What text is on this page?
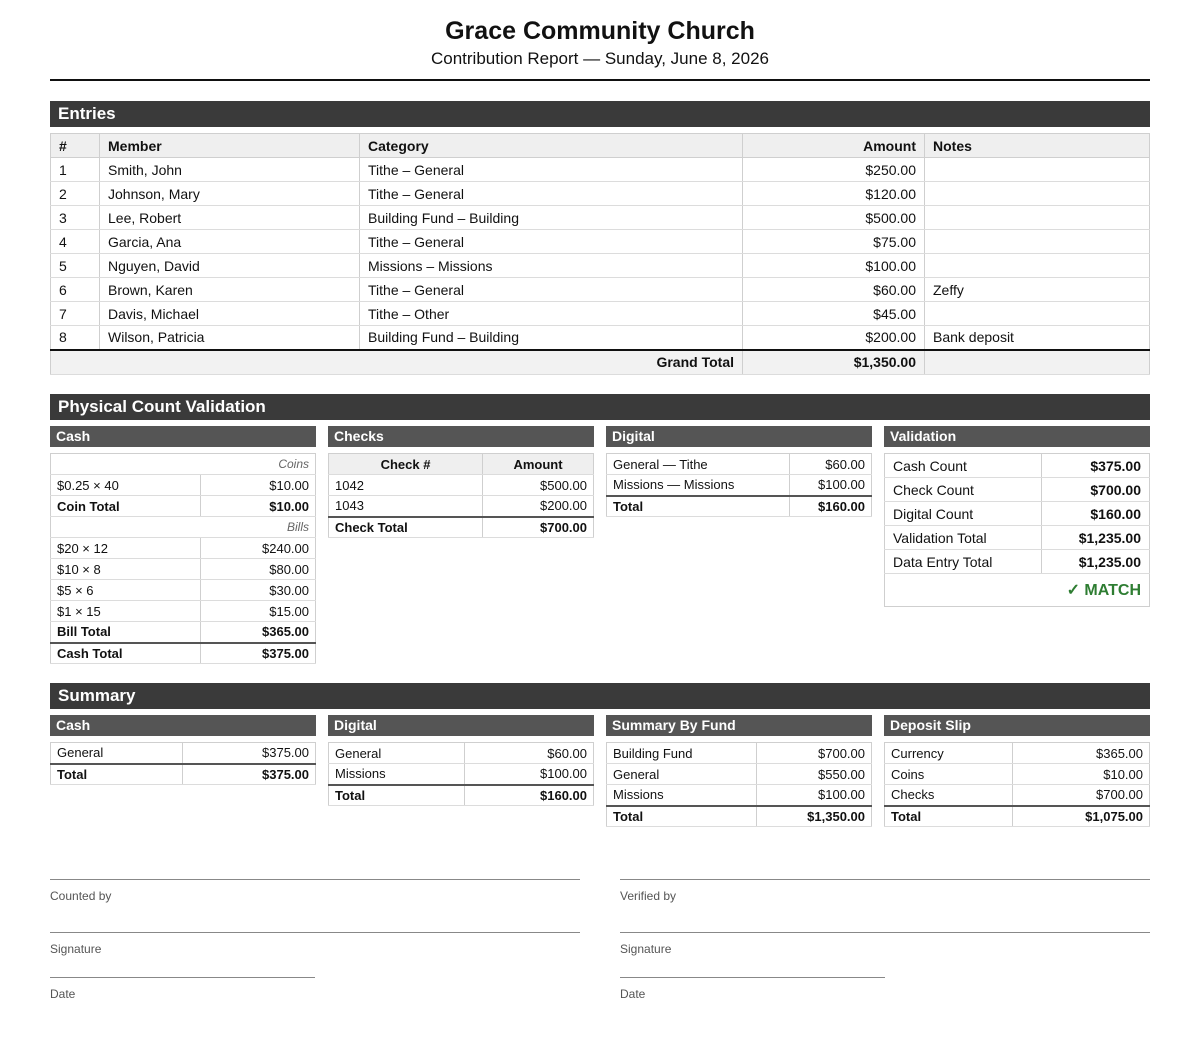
Grace Community Church
Contribution Report — Sunday, June 8, 2026
Entries
#	Member	Category	Amount	Notes
1	Smith, John	Tithe – General	$250.00	
2	Johnson, Mary	Tithe – General	$120.00	
3	Lee, Robert	Building Fund – Building	$500.00	
4	Garcia, Ana	Tithe – General	$75.00	
5	Nguyen, David	Missions – Missions	$100.00	
6	Brown, Karen	Tithe – General	$60.00	Zeffy
7	Davis, Michael	Tithe – Other	$45.00	
8	Wilson, Patricia	Building Fund – Building	$200.00	Bank deposit
Grand Total			$1,350.00	
Physical Count Validation
Cash
Coins	
$0.25 × 40	$10.00
Coin Total	$10.00
Bills	
$20 × 12	$240.00
$10 × 8	$80.00
$5 × 6	$30.00
$1 × 15	$15.00
Bill Total	$365.00
Cash Total	$375.00
Checks
Check #	Amount
1042	$500.00
1043	$200.00
Check Total	$700.00
Digital
General — Tithe	$60.00
Missions — Missions	$100.00
Total	$160.00
Validation
Cash Count	$375.00
Check Count	$700.00
Digital Count	$160.00
Validation Total	$1,235.00
Data Entry Total	$1,235.00
✓ MATCH	
Summary
Cash
General	$375.00
Total	$375.00
Digital
General	$60.00
Missions	$100.00
Total	$160.00
Summary By Fund
Building Fund	$700.00
General	$550.00
Missions	$100.00
Total	$1,350.00
Deposit Slip
Currency	$365.00
Coins	$10.00
Checks	$700.00
Total	$1,075.00
Counted by
Signature
Date
Verified by
Signature
Date
